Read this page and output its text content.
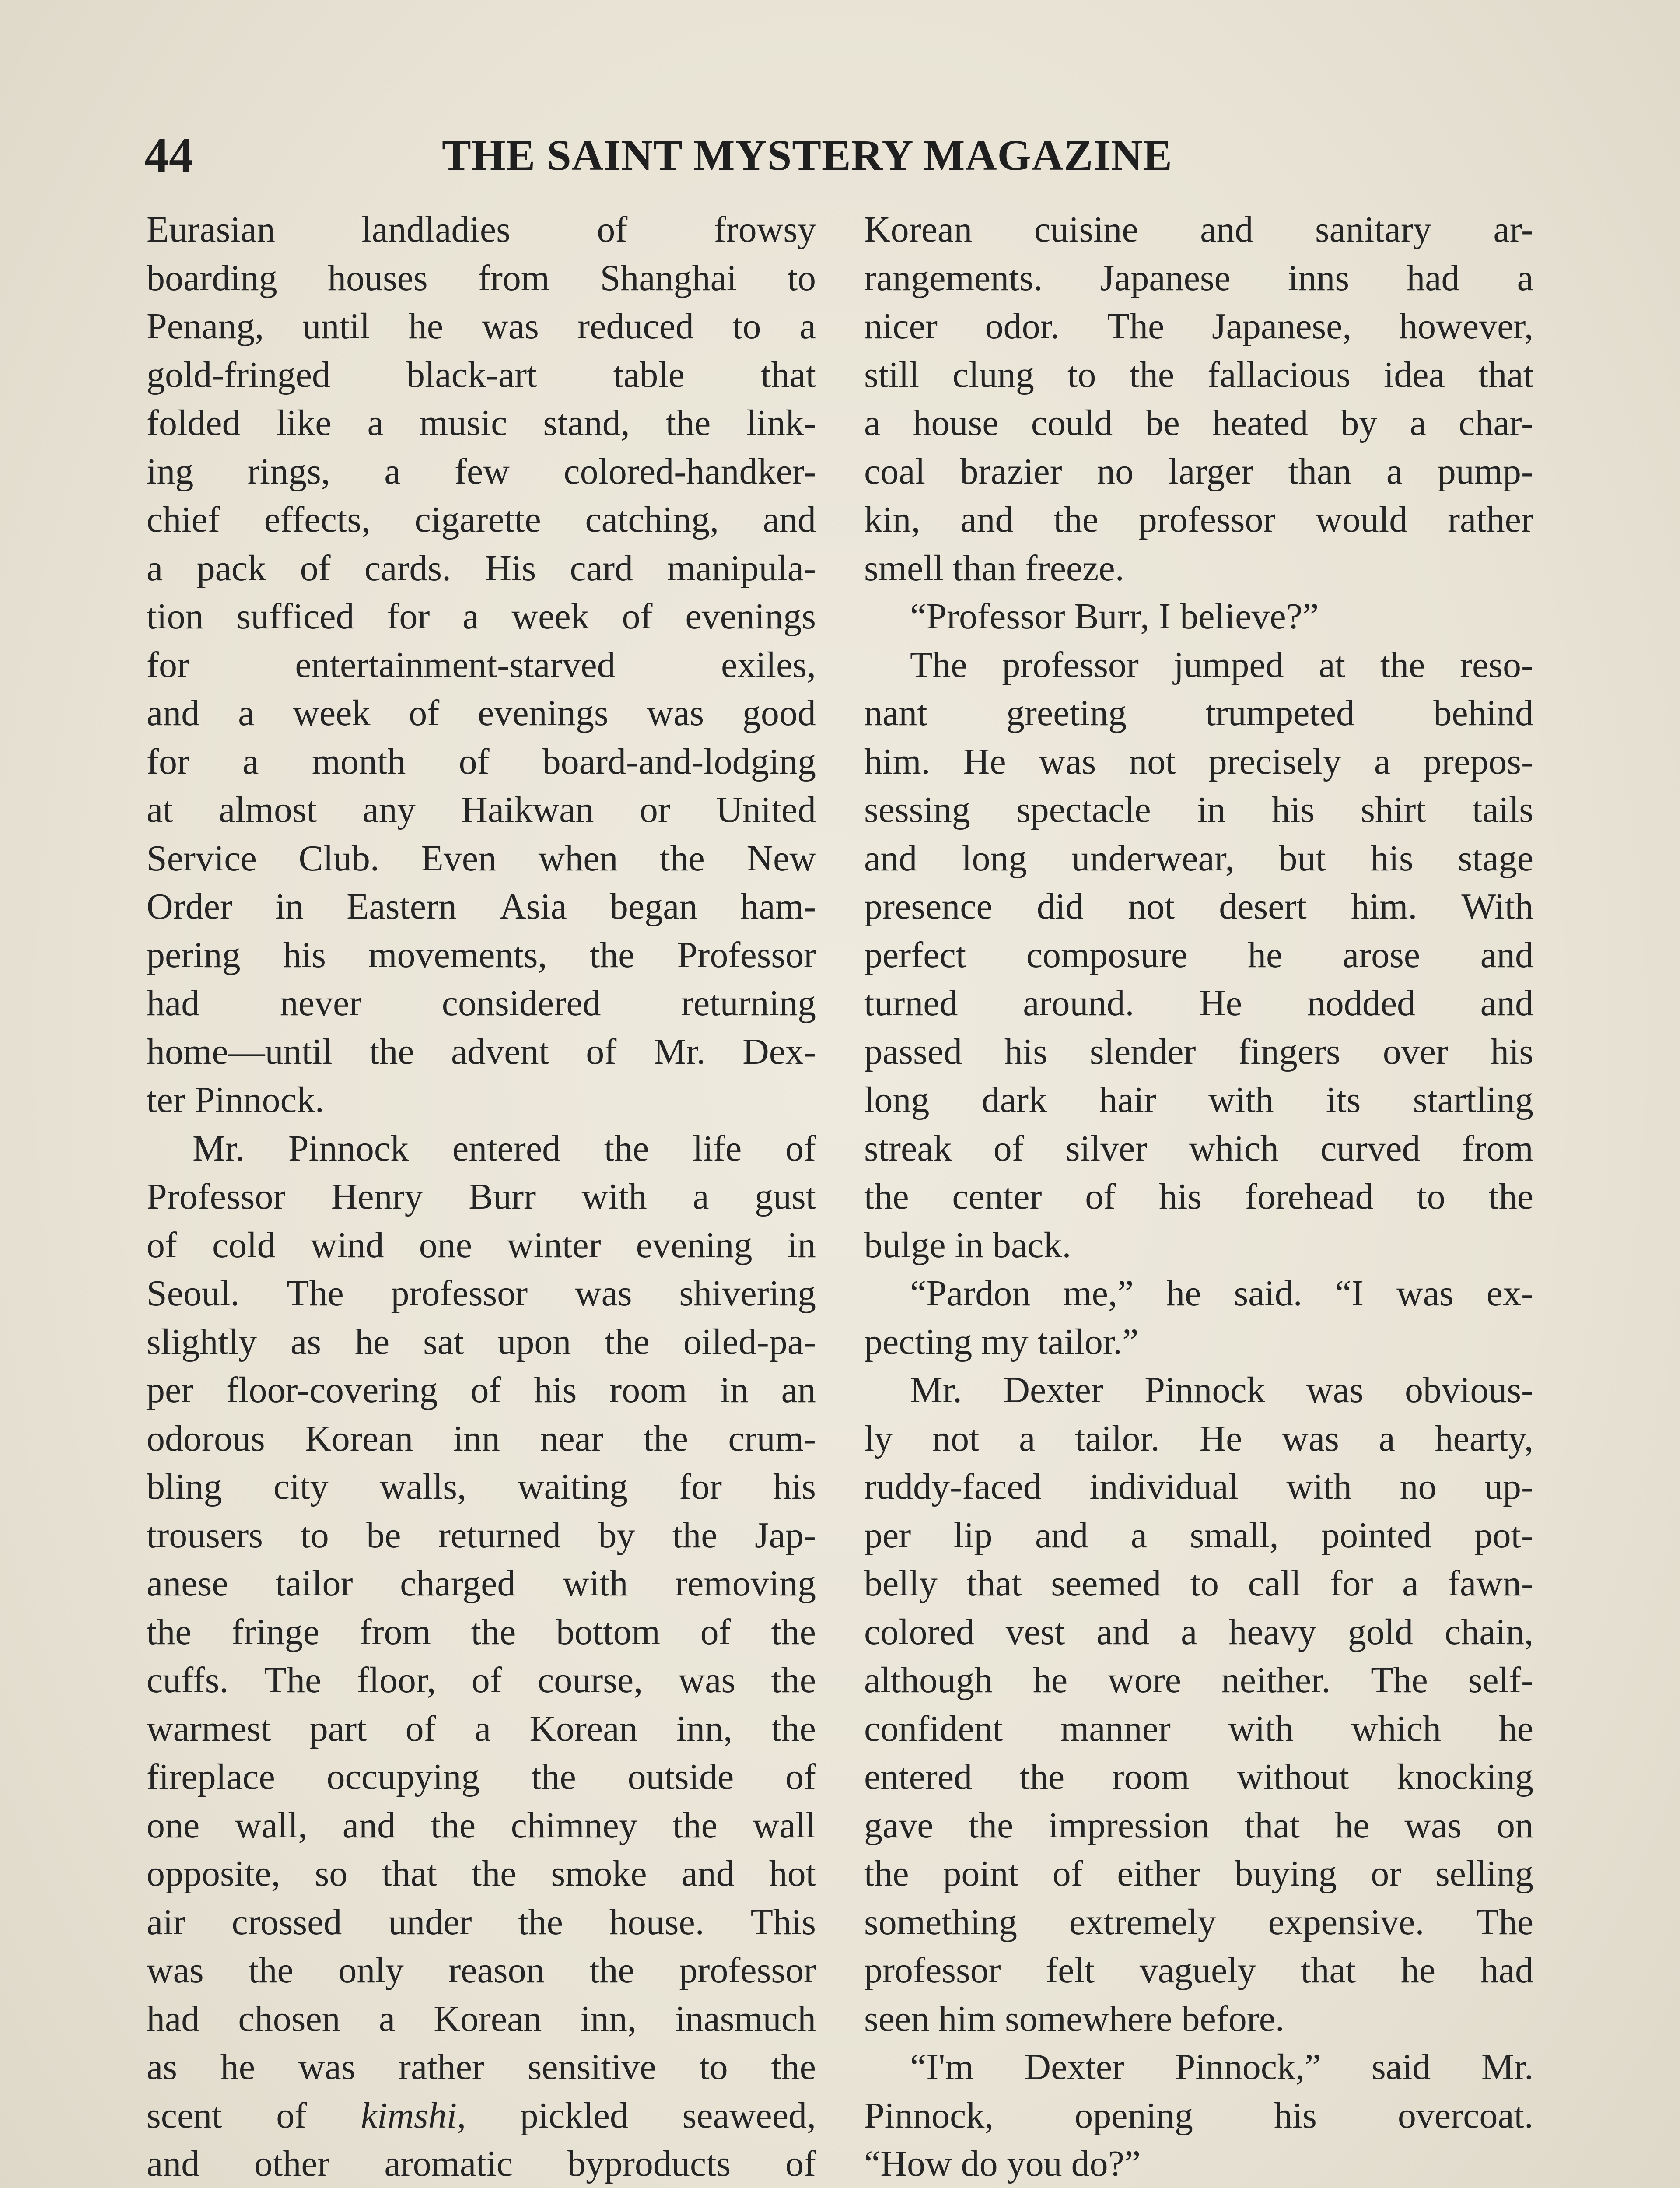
44	THE SAINT MYSTERY MAGAZINE
Eurasian landladies of frowsy
boarding houses from Shanghai to
Penang, until he was reduced to a
gold-fringed black-art table that
folded like a music stand, the link-
ing rings, a few colored-handker-
chief effects, cigarette catching, and
a pack of cards. His card manipula-
tion sufficed for a week of evenings
for	entertainment-starved	exiles,
and a week of evenings was good
for a month of board-and-lodging
at almost any Haikwan or United
Service Club. Even when the New
Order in Eastern Asia began ham-
pering his movements, the Professor
had never considered returning
home—until the advent of Mr. Dex-
ter Pinnock.
Mr. Pinnock entered the life of
Professor Henry Burr with a gust
of cold wind one winter evening in
Seoul. The professor was shivering
slightly as he sat upon the oiled-pa-
per floor-covering of his room in an
odorous Korean inn near the crum-
bling city walls, waiting for his
trousers to be returned by the Jap-
anese tailor charged with removing
the fringe from the bottom of the
cuffs. The floor, of course, was the
warmest part of a Korean inn, the
fireplace occupying the outside of
one wall, and the chimney the wall
opposite, so that the smoke and hot
air crossed under the house. This
was the only reason the professor
had chosen a Korean inn, inasmuch
as he was rather sensitive to the
scent of kimshi, pickled seaweed,
and other aromatic byproducts of
Korean cuisine and sanitary ar-
rangements. Japanese inns had a
nicer odor. The Japanese, however,
still clung to the fallacious idea that
a house could be heated by a char-
coal brazier no larger than a pump-
kin, and the professor would rather
smell than freeze.
“Professor Burr, I believe?”
The professor jumped at the reso-
nant greeting trumpeted behind
him. He was not precisely a prepos-
sessing spectacle in his shirt tails
and long underwear, but his stage
presence did not desert him. With
perfect composure he arose and
turned around. He nodded and
passed his slender fingers over his
long dark hair with its startling
streak of silver which curved from
the center of his forehead to the
bulge in back.
“Pardon me,” he said. “I was ex-
pecting my tailor.”
Mr. Dexter Pinnock was obvious-
ly not a tailor. He was a hearty,
ruddy-faced individual with no up-
per lip and a small, pointed pot-
belly that seemed to call for a fawn-
colored vest and a heavy gold chain,
although he wore neither. The self-
confident manner with which he
entered the room without knocking
gave the impression that he was on
the point of either buying or selling
something extremely expensive. The
professor felt vaguely that he had
seen him somewhere before.
“I'm Dexter Pinnock,” said Mr.
Pinnock, opening his overcoat.
“How do you do?”
